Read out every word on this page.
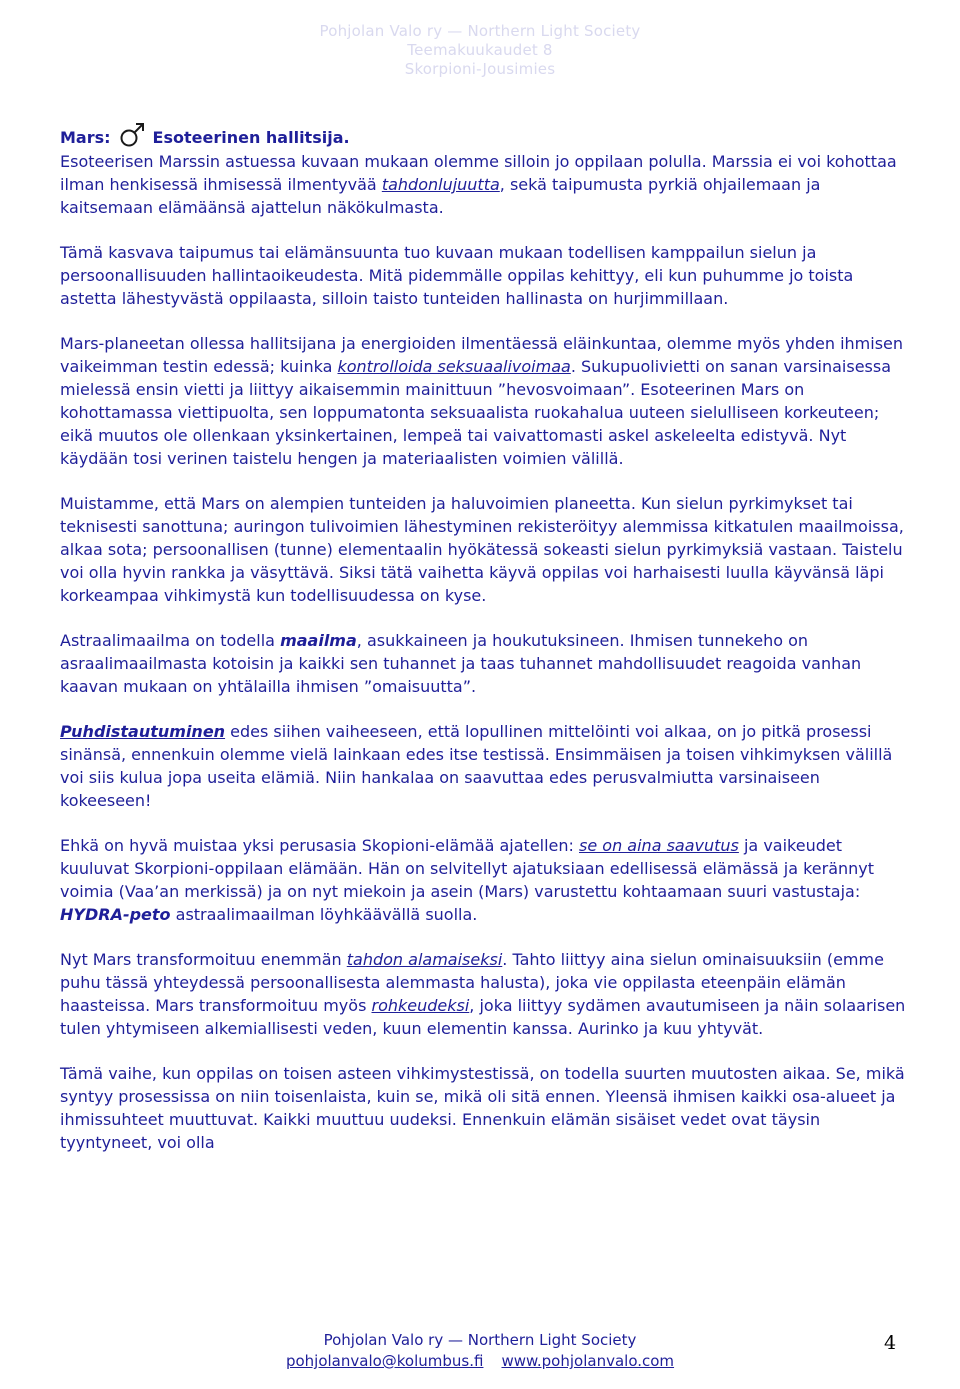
Pohjolan Valo ry — Northern Light Society
Teemakuukaudet 8
Skorpioni-Jousimies
Mars:	Esoteerinen hallitsija.

Esoteerisen Marssin astuessa kuvaan mukaan olemme silloin jo oppilaan polulla. Marssia ei voi kohottaa ilman henkisessä ihmisessä ilmentyvää tahdonlujuutta, sekä taipumusta pyrkiä ohjailemaan ja kaitsemaan elämäänsä ajattelun näkökulmasta.

Tämä kasvava taipumus tai elämänsuunta tuo kuvaan mukaan todellisen kamppailun sielun ja persoonallisuuden hallintaoikeudesta. Mitä pidemmälle oppilas kehittyy, eli kun puhumme jo toista astetta lähestyvästä oppilaasta, silloin taisto tunteiden hallinasta on hurjimmillaan.

Mars-planeetan ollessa hallitsijana ja energioiden ilmentäessä eläinkuntaa, olemme myös yhden ihmisen vaikeimman testin edessä; kuinka kontrolloida seksuaalivoimaa. Sukupuolivietti on sanan varsinaisessa mielessä ensin vietti ja liittyy aikaisemmin mainittuun ”hevosvoimaan”. Esoteerinen Mars on kohottamassa viettipuolta, sen loppumatonta seksuaalista ruokahalua uuteen sielulliseen korkeuteen; eikä muutos ole ollenkaan yksinkertainen, lempeä tai vaivattomasti askel askeleelta edistyvä. Nyt käydään tosi verinen taistelu hengen ja materiaalisten voimien välillä.

Muistamme, että Mars on alempien tunteiden ja haluvoimien planeetta. Kun sielun pyrkimykset tai teknisesti sanottuna; auringon tulivoimien lähestyminen rekisteröityy alemmissa kitkatulen maailmoissa, alkaa sota; persoonallisen (tunne) elementaalin hyökätessä sokeasti sielun pyrkimyksiä vastaan. Taistelu voi olla hyvin rankka ja väsyttävä. Siksi tätä vaihetta käyvä oppilas voi harhaisesti luulla käyvänsä läpi korkeampaa vihkimystä kun todellisuudessa on kyse.

Astraalimaailma on todella maailma, asukkaineen ja houkutuksineen. Ihmisen tunnekeho on asraalimaailmasta kotoisin ja kaikki sen tuhannet ja taas tuhannet mahdollisuudet reagoida vanhan kaavan mukaan on yhtälailla ihmisen ”omaisuutta”.

Puhdistautuminen edes siihen vaiheeseen, että lopullinen mittelöinti voi alkaa, on jo pitkä prosessi sinänsä, ennenkuin olemme vielä lainkaan edes itse testissä. Ensimmäisen ja toisen vihkimyksen välillä voi siis kulua jopa useita elämiä. Niin hankalaa on saavuttaa edes perusvalmiutta varsinaiseen kokeeseen!

Ehkä on hyvä muistaa yksi perusasia Skopioni-elämää ajatellen: se on aina saavutus ja vaikeudet kuuluvat Skorpioni-oppilaan elämään. Hän on selvitellyt ajatuksiaan edellisessä elämässä ja kerännyt voimia (Vaa’an merkissä) ja on nyt miekoin ja asein (Mars) varustettu kohtaamaan suuri vastustaja: HYDRA-peto astraalimaailman löyhkäävällä suolla.

Nyt Mars transformoituu enemmän tahdon alamaiseksi. Tahto liittyy aina sielun ominaisuuksiin (emme puhu tässä yhteydessä persoonallisesta alemmasta halusta), joka vie oppilasta eteenpäin elämän haasteissa. Mars transformoituu myös rohkeudeksi, joka liittyy sydämen avautumiseen ja näin solaarisen tulen yhtymiseen alkemiallisesti veden, kuun elementin kanssa. Aurinko ja kuu yhtyvät.

Tämä vaihe, kun oppilas on toisen asteen vihkimystestissä, on todella suurten muutosten aikaa. Se, mikä syntyy prosessissa on niin toisenlaista, kuin se, mikä oli sitä ennen. Yleensä ihmisen kaikki osa-alueet ja ihmissuhteet muuttuvat. Kaikki muuttuu uudeksi. Ennenkuin elämän sisäiset vedet ovat täysin tyyntyneet, voi olla

Pohjolan Valo ry — Northern Light Society
pohjolanvalo@kolumbus.fi www.pohjolanvalo.com
4
